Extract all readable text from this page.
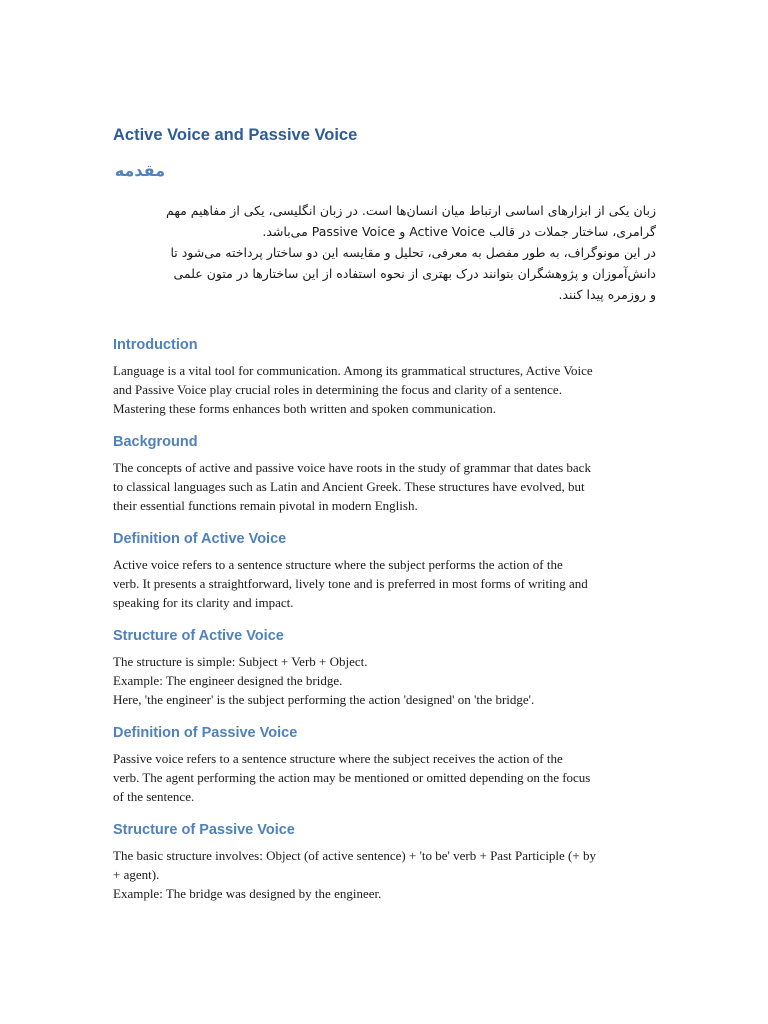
Active Voice and Passive Voice
مقدمه
زبان یکی از ابزارهای اساسی ارتباط میان انسان‌ها است. در زبان انگلیسی، یکی از مفاهیم مهم
گرامری، ساختار جملات در قالب Active Voice و Passive Voice می‌باشد.
در این مونوگراف، به طور مفصل به معرفی، تحلیل و مقایسه این دو ساختار پرداخته می‌شود تا
دانش‌آموزان و پژوهشگران بتوانند درک بهتری از نحوه استفاده از این ساختارها در متون علمی
و روزمره پیدا کنند.
Introduction
Language is a vital tool for communication. Among its grammatical structures, Active Voice
and Passive Voice play crucial roles in determining the focus and clarity of a sentence.
Mastering these forms enhances both written and spoken communication.
Background
The concepts of active and passive voice have roots in the study of grammar that dates back
to classical languages such as Latin and Ancient Greek. These structures have evolved, but
their essential functions remain pivotal in modern English.
Definition of Active Voice
Active voice refers to a sentence structure where the subject performs the action of the
verb. It presents a straightforward, lively tone and is preferred in most forms of writing and
speaking for its clarity and impact.
Structure of Active Voice
The structure is simple: Subject + Verb + Object.
Example: The engineer designed the bridge.
Here, 'the engineer' is the subject performing the action 'designed' on 'the bridge'.
Definition of Passive Voice
Passive voice refers to a sentence structure where the subject receives the action of the
verb. The agent performing the action may be mentioned or omitted depending on the focus
of the sentence.
Structure of Passive Voice
The basic structure involves: Object (of active sentence) + 'to be' verb + Past Participle (+ by
+ agent).
Example: The bridge was designed by the engineer.
